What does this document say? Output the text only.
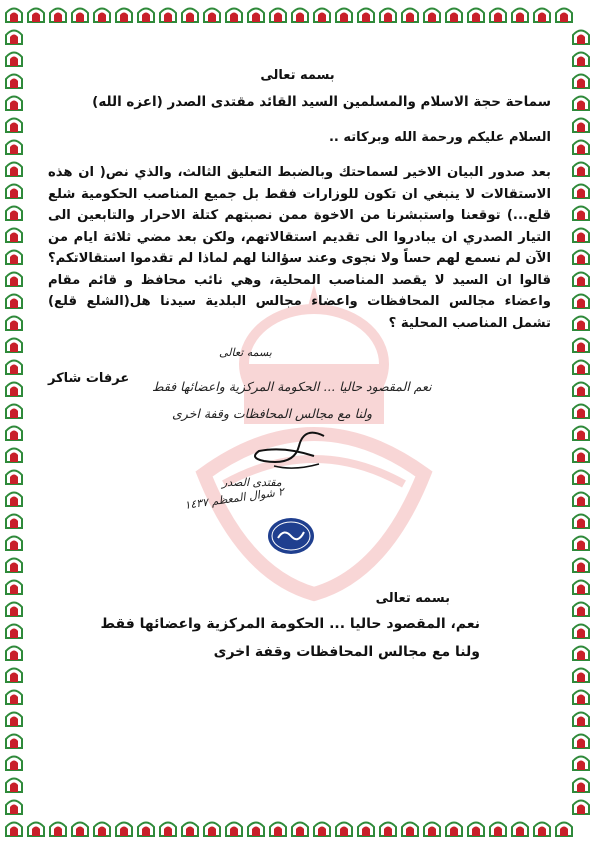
بسمه تعالى
سماحة حجة الاسلام والمسلمين السيد القائد مقتدى الصدر (اعزه الله)
السلام عليكم ورحمة الله وبركاته ..

بعد صدور البيان الاخير لسماحتك وبالضبط التعليق الثالث، والذي نص( ان هذه الاستقالات لا ينبغي ان تكون للوزارات فقط بل جميع المناصب الحكومية شلع قلع...) توقعنا واستبشرنا من الاخوة ممن نصبتهم كتلة الاحرار والتابعين الى التيار الصدري ان يبادروا الى تقديم استقالاتهم، ولكن بعد مضي ثلاثة ايام من الآن لم نسمع لهم حساً ولا نجوى وعند سؤالنا لهم لماذا لم تقدموا استقالاتكم؟ قالوا ان السيد لا يقصد المناصب المحلية، وهي نائب محافظ و قائم مقام واعضاء مجالس المحافظات واعضاء مجالس البلدية سيدنا هل(الشلع قلع) تشمل المناصب المحلية ؟

عرفات شاكر
بسمه تعالى
نعم المقصود حاليا ... الحكومة المركزية واعضائها فقط
ولنا مع مجالس المحافظات وقفة اخرى
مقتدى الصدر
٢ شوال المعظم ١٤٣٧
بسمه تعالى
نعم، المقصود حاليا ... الحكومة المركزية واعضائها فقط
ولنا مع مجالس المحافظات وقفة اخرى
